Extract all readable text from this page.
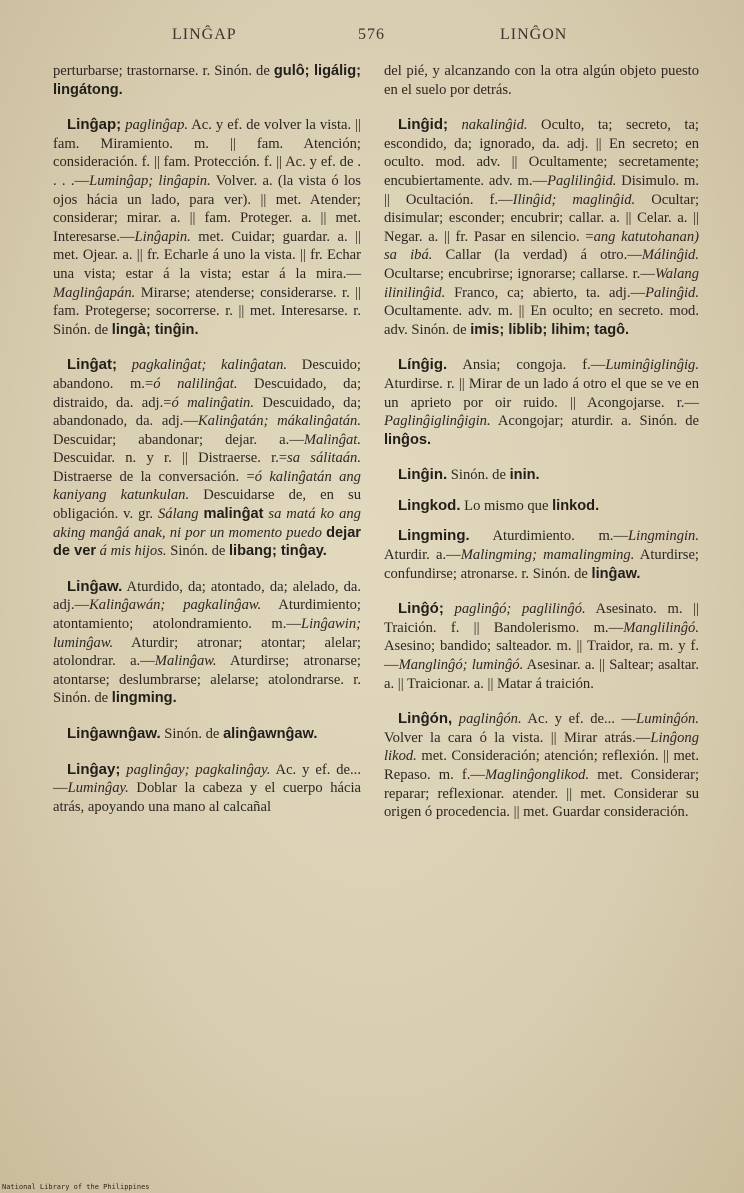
LINĜAP	576	LINĜON

perturbarse; trastornarse. r. Sinón. de gulô; ligálig; lingátong.

Linĝap; paglinĝap. Ac. y ef. de volver la vista. || fam. Miramiento. m. || fam. Atención; consideración. f. || fam. Protección. f. || Ac. y ef. de . . . .—Luminĝap; linĝapin. Volver. a. (la vista ó los ojos hácia un lado, para ver). || met. Atender; considerar; mirar. a. || fam. Proteger. a. || met. Interesarse.—Linĝapin. met. Cuidar; guardar. a. || met. Ojear. a. || fr. Echarle á uno la vista. || fr. Echar una vista; estar á la vista; estar á la mira.—Maglinĝapán. Mirarse; atenderse; considerarse. r. || fam. Protegerse; socorrerse. r. || met. Interesarse. r. Sinón. de lingà; tinĝin.

Linĝat; pagkalinĝat; kalinĝatan. Descuido; abandono. m.=ó nalilinĝat. Descuidado, da; distraido, da. adj.=ó malinĝatin. Descuidado, da; abandonado, da. adj.—Kalinĝatán; mákalinĝatán. Descuidar; abandonar; dejar. a.—Malinĝat. Descuidar. n. y r. || Distraerse. r.=sa sálitaán. Distraerse de la conversación. =ó kalinĝatán ang kaniyang katunkulan. Descuidarse de, en su obligación. v. gr. Sálang malinĝat sa matá ko ang aking manĝá anak, ni por un momento puedo dejar de ver á mis hijos. Sinón. de libang; tinĝay.

Linĝaw. Aturdido, da; atontado, da; alelado, da. adj.—Kalinĝawán; pagkalinĝaw. Aturdimiento; atontamiento; atolondramiento. m.—Linĝawin; luminĝaw. Aturdir; atronar; atontar; alelar; atolondrar. a.—Malinĝaw. Aturdirse; atronarse; atontarse; deslumbrarse; alelarse; atolondrarse. r. Sinón. de lingming.

Linĝawnĝaw. Sinón. de alinĝawnĝaw.

Linĝay; paglinĝay; pagkalinĝay. Ac. y ef. de...—Luminĝay. Doblar la cabeza y el cuerpo hácia atrás, apoyando una mano al calcañal

del pié, y alcanzando con la otra algún objeto puesto en el suelo por detrás.

Linĝid; nakalinĝid. Oculto, ta; secreto, ta; escondido, da; ignorado, da. adj. || En secreto; en oculto. mod. adv. || Ocultamente; secretamente; encubiertamente. adv. m.—Paglilinĝid. Disimulo. m. || Ocultación. f.—Ilinĝid; maglinĝid. Ocultar; disimular; esconder; encubrir; callar. a. || Celar. a. || Negar. a. || fr. Pasar en silencio. =ang katutohanan) sa ibá. Callar (la verdad) á otro.—Málinĝid. Ocultarse; encubrirse; ignorarse; callarse. r.—Walang ilinilinĝid. Franco, ca; abierto, ta. adj.—Palinĝid. Ocultamente. adv. m. || En oculto; en secreto. mod. adv. Sinón. de imis; liblib; lihim; tagô.

Línĝig. Ansia; congoja. f.—Luminĝiglinĝig. Aturdirse. r. || Mirar de un lado á otro el que se ve en un aprieto por oir ruido. || Acongojarse. r.—Paglinĝiglinĝigin. Acongojar; aturdir. a. Sinón. de linĝos.

Linĝin. Sinón. de inin.

Lingkod. Lo mismo que linkod.

Lingming. Aturdimiento. m.—Lingmingin. Aturdir. a.—Malingming; mamalingming. Aturdirse; confundirse; atronarse. r. Sinón. de linĝaw.

Linĝó; paglinĝó; paglilinĝó. Asesinato. m. || Traición. f. || Bandolerismo. m.—Manglilinĝó. Asesino; bandido; salteador. m. || Traidor, ra. m. y f.—Manglinĝó; luminĝó. Asesinar. a. || Saltear; asaltar. a. || Traicionar. a. || Matar á traición.

Linĝón, paglinĝón. Ac. y ef. de... —Luminĝón. Volver la cara ó la vista. || Mirar atrás.—Linĝong likod. met. Consideración; atención; reflexión. || met. Repaso. m. f.—Maglinĝonglikod. met. Considerar; reparar; reflexionar. atender. || met. Considerar su origen ó procedencia. || met. Guardar consideración.

National Library of the Philippines
